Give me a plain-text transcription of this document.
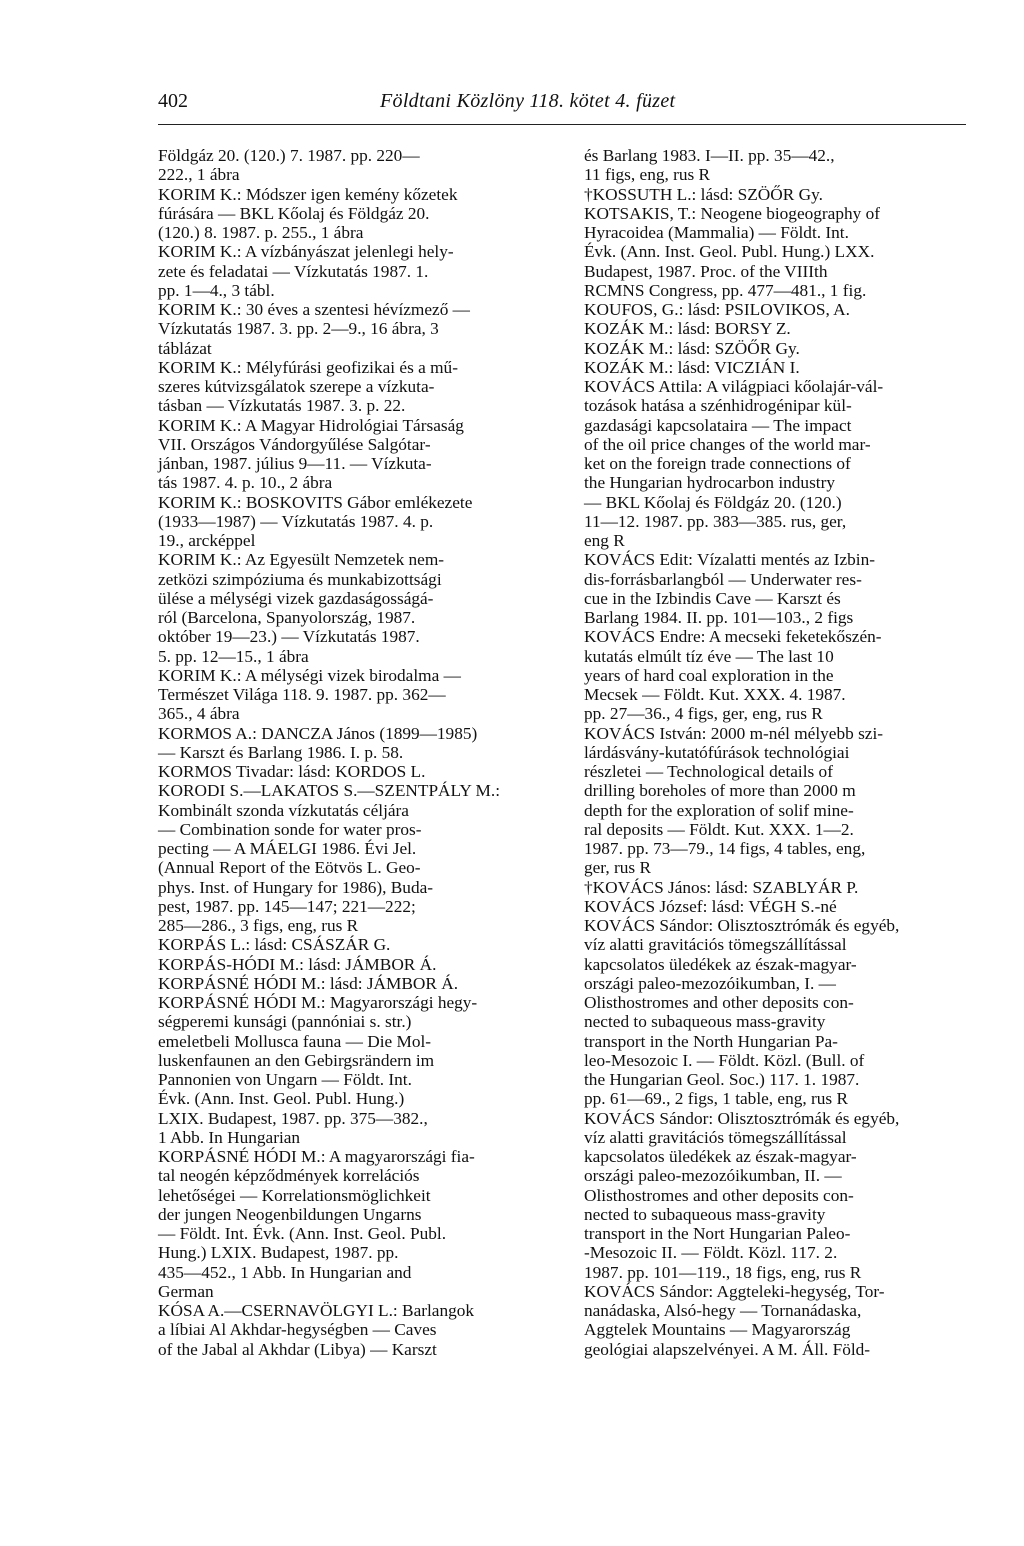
402	Földtani Közlöny 118. kötet 4. füzet
Földgáz 20. (120.) 7. 1987. pp. 220—
222., 1 ábra
KORIM K.: Módszer igen kemény kőzetek
fúrására — BKL Kőolaj és Földgáz 20.
(120.) 8. 1987. p. 255., 1 ábra
KORIM K.: A vízbányászat jelenlegi hely-
zete és feladatai — Vízkutatás 1987. 1.
pp. 1—4., 3 tábl.
KORIM K.: 30 éves a szentesi hévízmező —
Vízkutatás 1987. 3. pp. 2—9., 16 ábra, 3
táblázat
KORIM K.: Mélyfúrási geofizikai és a mű-
szeres kútvizsgálatok szerepe a vízkuta-
tásban — Vízkutatás 1987. 3. p. 22.
KORIM K.: A Magyar Hidrológiai Társaság
VII. Országos Vándorgyűlése Salgótar-
jánban, 1987. július 9—11. — Vízkuta-
tás 1987. 4. p. 10., 2 ábra
KORIM K.: BOSKOVITS Gábor emlékezete
(1933—1987) — Vízkutatás 1987. 4. p.
19., arcképpel
KORIM K.: Az Egyesült Nemzetek nem-
zetközi szimpóziuma és munkabizottsági
ülése a mélységi vizek gazdaságosságá-
ról (Barcelona, Spanyolország, 1987.
október 19—23.) — Vízkutatás 1987.
5. pp. 12—15., 1 ábra
KORIM K.: A mélységi vizek birodalma —
Természet Világa 118. 9. 1987. pp. 362—
365., 4 ábra
KORMOS A.: DANCZA János (1899—1985)
— Karszt és Barlang 1986. I. p. 58.
KORMOS Tivadar: lásd: KORDOS L.
KORODI S.—LAKATOS S.—SZENTPÁLY M.:
Kombinált szonda vízkutatás céljára
— Combination sonde for water pros-
pecting — A MÁELGI 1986. Évi Jel.
(Annual Report of the Eötvös L. Geo-
phys. Inst. of Hungary for 1986), Buda-
pest, 1987. pp. 145—147; 221—222;
285—286., 3 figs, eng, rus R
KORPÁS L.: lásd: CSÁSZÁR G.
KORPÁS-HÓDI M.: lásd: JÁMBOR Á.
KORPÁSNÉ HÓDI M.: lásd: JÁMBOR Á.
KORPÁSNÉ HÓDI M.: Magyarországi hegy-
ségperemi kunsági (pannóniai s. str.)
emeletbeli Mollusca fauna — Die Mol-
luskenfaunen an den Gebirgsrändern im
Pannonien von Ungarn — Földt. Int.
Évk. (Ann. Inst. Geol. Publ. Hung.)
LXIX. Budapest, 1987. pp. 375—382.,
1 Abb. In Hungarian
KORPÁSNÉ HÓDI M.: A magyarországi fia-
tal neogén képződmények korrelációs
lehetőségei — Korrelationsmöglichkeit
der jungen Neogenbildungen Ungarns
— Földt. Int. Évk. (Ann. Inst. Geol. Publ.
Hung.) LXIX. Budapest, 1987. pp.
435—452., 1 Abb. In Hungarian and
German
KÓSA A.—CSERNAVÖLGYI L.: Barlangok
a líbiai Al Akhdar-hegységben — Caves
of the Jabal al Akhdar (Libya) — Karszt
és Barlang 1983. I—II. pp. 35—42.,
11 figs, eng, rus R
†KOSSUTH L.: lásd: SZÖŐR Gy.
KOTSAKIS, T.: Neogene biogeography of
Hyracoidea (Mammalia) — Földt. Int.
Évk. (Ann. Inst. Geol. Publ. Hung.) LXX.
Budapest, 1987. Proc. of the VIIIth
RCMNS Congress, pp. 477—481., 1 fig.
KOUFOS, G.: lásd: PSILOVIKOS, A.
KOZÁK M.: lásd: BORSY Z.
KOZÁK M.: lásd: SZÖŐR Gy.
KOZÁK M.: lásd: VICZIÁN I.
KOVÁCS Attila: A világpiaci kőolajár-vál-
tozások hatása a szénhidrogénipar kül-
gazdasági kapcsolataira — The impact
of the oil price changes of the world mar-
ket on the foreign trade connections of
the Hungarian hydrocarbon industry
— BKL Kőolaj és Földgáz 20. (120.)
11—12. 1987. pp. 383—385. rus, ger,
eng R
KOVÁCS Edit: Vízalatti mentés az Izbin-
dis-forrásbarlangból — Underwater res-
cue in the Izbindis Cave — Karszt és
Barlang 1984. II. pp. 101—103., 2 figs
KOVÁCS Endre: A mecseki feketekőszén-
kutatás elmúlt tíz éve — The last 10
years of hard coal exploration in the
Mecsek — Földt. Kut. XXX. 4. 1987.
pp. 27—36., 4 figs, ger, eng, rus R
KOVÁCS István: 2000 m-nél mélyebb szi-
lárdásvány-kutatófúrások technológiai
részletei — Technological details of
drilling boreholes of more than 2000 m
depth for the exploration of solif mine-
ral deposits — Földt. Kut. XXX. 1—2.
1987. pp. 73—79., 14 figs, 4 tables, eng,
ger, rus R
†KOVÁCS János: lásd: SZABLYÁR P.
KOVÁCS József: lásd: VÉGH S.-né
KOVÁCS Sándor: Olisztosztrómák és egyéb,
víz alatti gravitációs tömegszállítással
kapcsolatos üledékek az észak-magyar-
országi paleo-mezozóikumban, I. —
Olisthostromes and other deposits con-
nected to subaqueous mass-gravity
transport in the North Hungarian Pa-
leo-Mesozoic I. — Földt. Közl. (Bull. of
the Hungarian Geol. Soc.) 117. 1. 1987.
pp. 61—69., 2 figs, 1 table, eng, rus R
KOVÁCS Sándor: Olisztosztrómák és egyéb,
víz alatti gravitációs tömegszállítással
kapcsolatos üledékek az észak-magyar-
országi paleo-mezozóikumban, II. —
Olisthostromes and other deposits con-
nected to subaqueous mass-gravity
transport in the Nort Hungarian Paleo-
-Mesozoic II. — Földt. Közl. 117. 2.
1987. pp. 101—119., 18 figs, eng, rus R
KOVÁCS Sándor: Aggteleki-hegység, Tor-
nanádaska, Alsó-hegy — Tornanádaska,
Aggtelek Mountains — Magyarország
geológiai alapszelvényei. A M. Áll. Föld-
